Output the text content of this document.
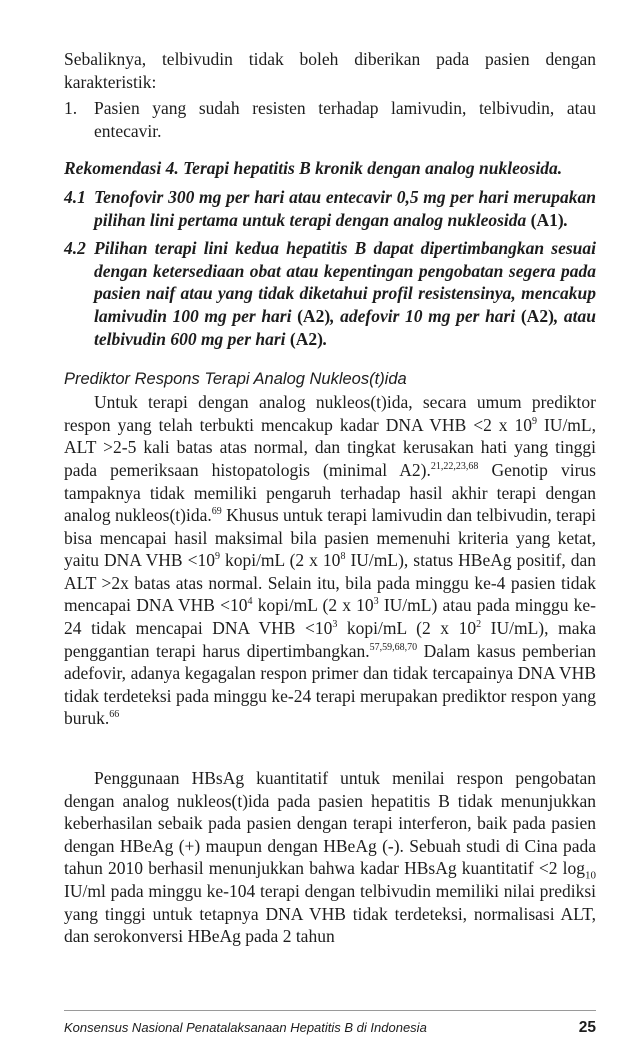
Sebaliknya, telbivudin tidak boleh diberikan pada pasien dengan karakteristik:

1. Pasien yang sudah resisten terhadap lamivudin, telbivudin, atau entecavir.

Rekomendasi 4. Terapi hepatitis B kronik dengan analog nukleosida.

4.1 Tenofovir 300 mg per hari atau entecavir 0,5 mg per hari merupakan pilihan lini pertama untuk terapi dengan analog nukleosida (A1).
4.2 Pilihan terapi lini kedua hepatitis B dapat dipertimbangkan sesuai dengan ketersediaan obat atau kepentingan pengobatan segera pada pasien naif atau yang tidak diketahui profil resistensinya, mencakup lamivudin 100 mg per hari (A2), adefovir 10 mg per hari (A2), atau telbivudin 600 mg per hari (A2).
Prediktor Respons Terapi Analog Nukleos(t)ida

Untuk terapi dengan analog nukleos(t)ida, secara umum prediktor respon yang telah terbukti mencakup kadar DNA VHB <2 x $10^9$ IU/mL, ALT >2-5 kali batas atas normal, dan tingkat kerusakan hati yang tinggi pada pemeriksaan histopatologis (minimal A2).$^{21,22,23,68}$ Genotip virus tampaknya tidak memiliki pengaruh terhadap hasil akhir terapi dengan analog nukleos(t)ida.$^{69}$ Khusus untuk terapi lamivudin dan telbivudin, terapi bisa mencapai hasil maksimal bila pasien memenuhi kriteria yang ketat, yaitu DNA VHB $<10^9$ kopi/mL (2 x $10^8$ IU/mL), status HBeAg positif, dan ALT >2x batas atas normal. Selain itu, bila pada minggu ke-4 pasien tidak mencapai DNA VHB $<10^4$ kopi/mL (2 x $10^3$ IU/mL) atau pada minggu ke-24 tidak mencapai DNA VHB $<10^3$ kopi/mL (2 x $10^2$ IU/mL), maka penggantian terapi harus dipertimbangkan.$^{57,59,68,70}$ Dalam kasus pemberian adefovir, adanya kegagalan respon primer dan tidak tercapainya DNA VHB tidak terdeteksi pada minggu ke-24 terapi merupakan prediktor respon yang buruk.$^{66}$

Penggunaan HBsAg kuantitatif untuk menilai respon pengobatan dengan analog nukleos(t)ida pada pasien hepatitis B tidak menunjukkan keberhasilan sebaik pada pasien dengan terapi interferon, baik pada pasien dengan HBeAg (+) maupun dengan HBeAg (-). Sebuah studi di Cina pada tahun 2010 berhasil menunjukkan bahwa kadar HBsAg kuantitatif <2 $\log_{10} IU/ml$ pada minggu ke-104 terapi dengan telbivudin memiliki nilai prediksi yang tinggi untuk tetapnya DNA VHB tidak terdeteksi, normalisasi ALT, dan serokonversi HBeAg pada 2 tahun

Konsensus Nasional Penatalaksanaan Hepatitis B di Indonesia	25
